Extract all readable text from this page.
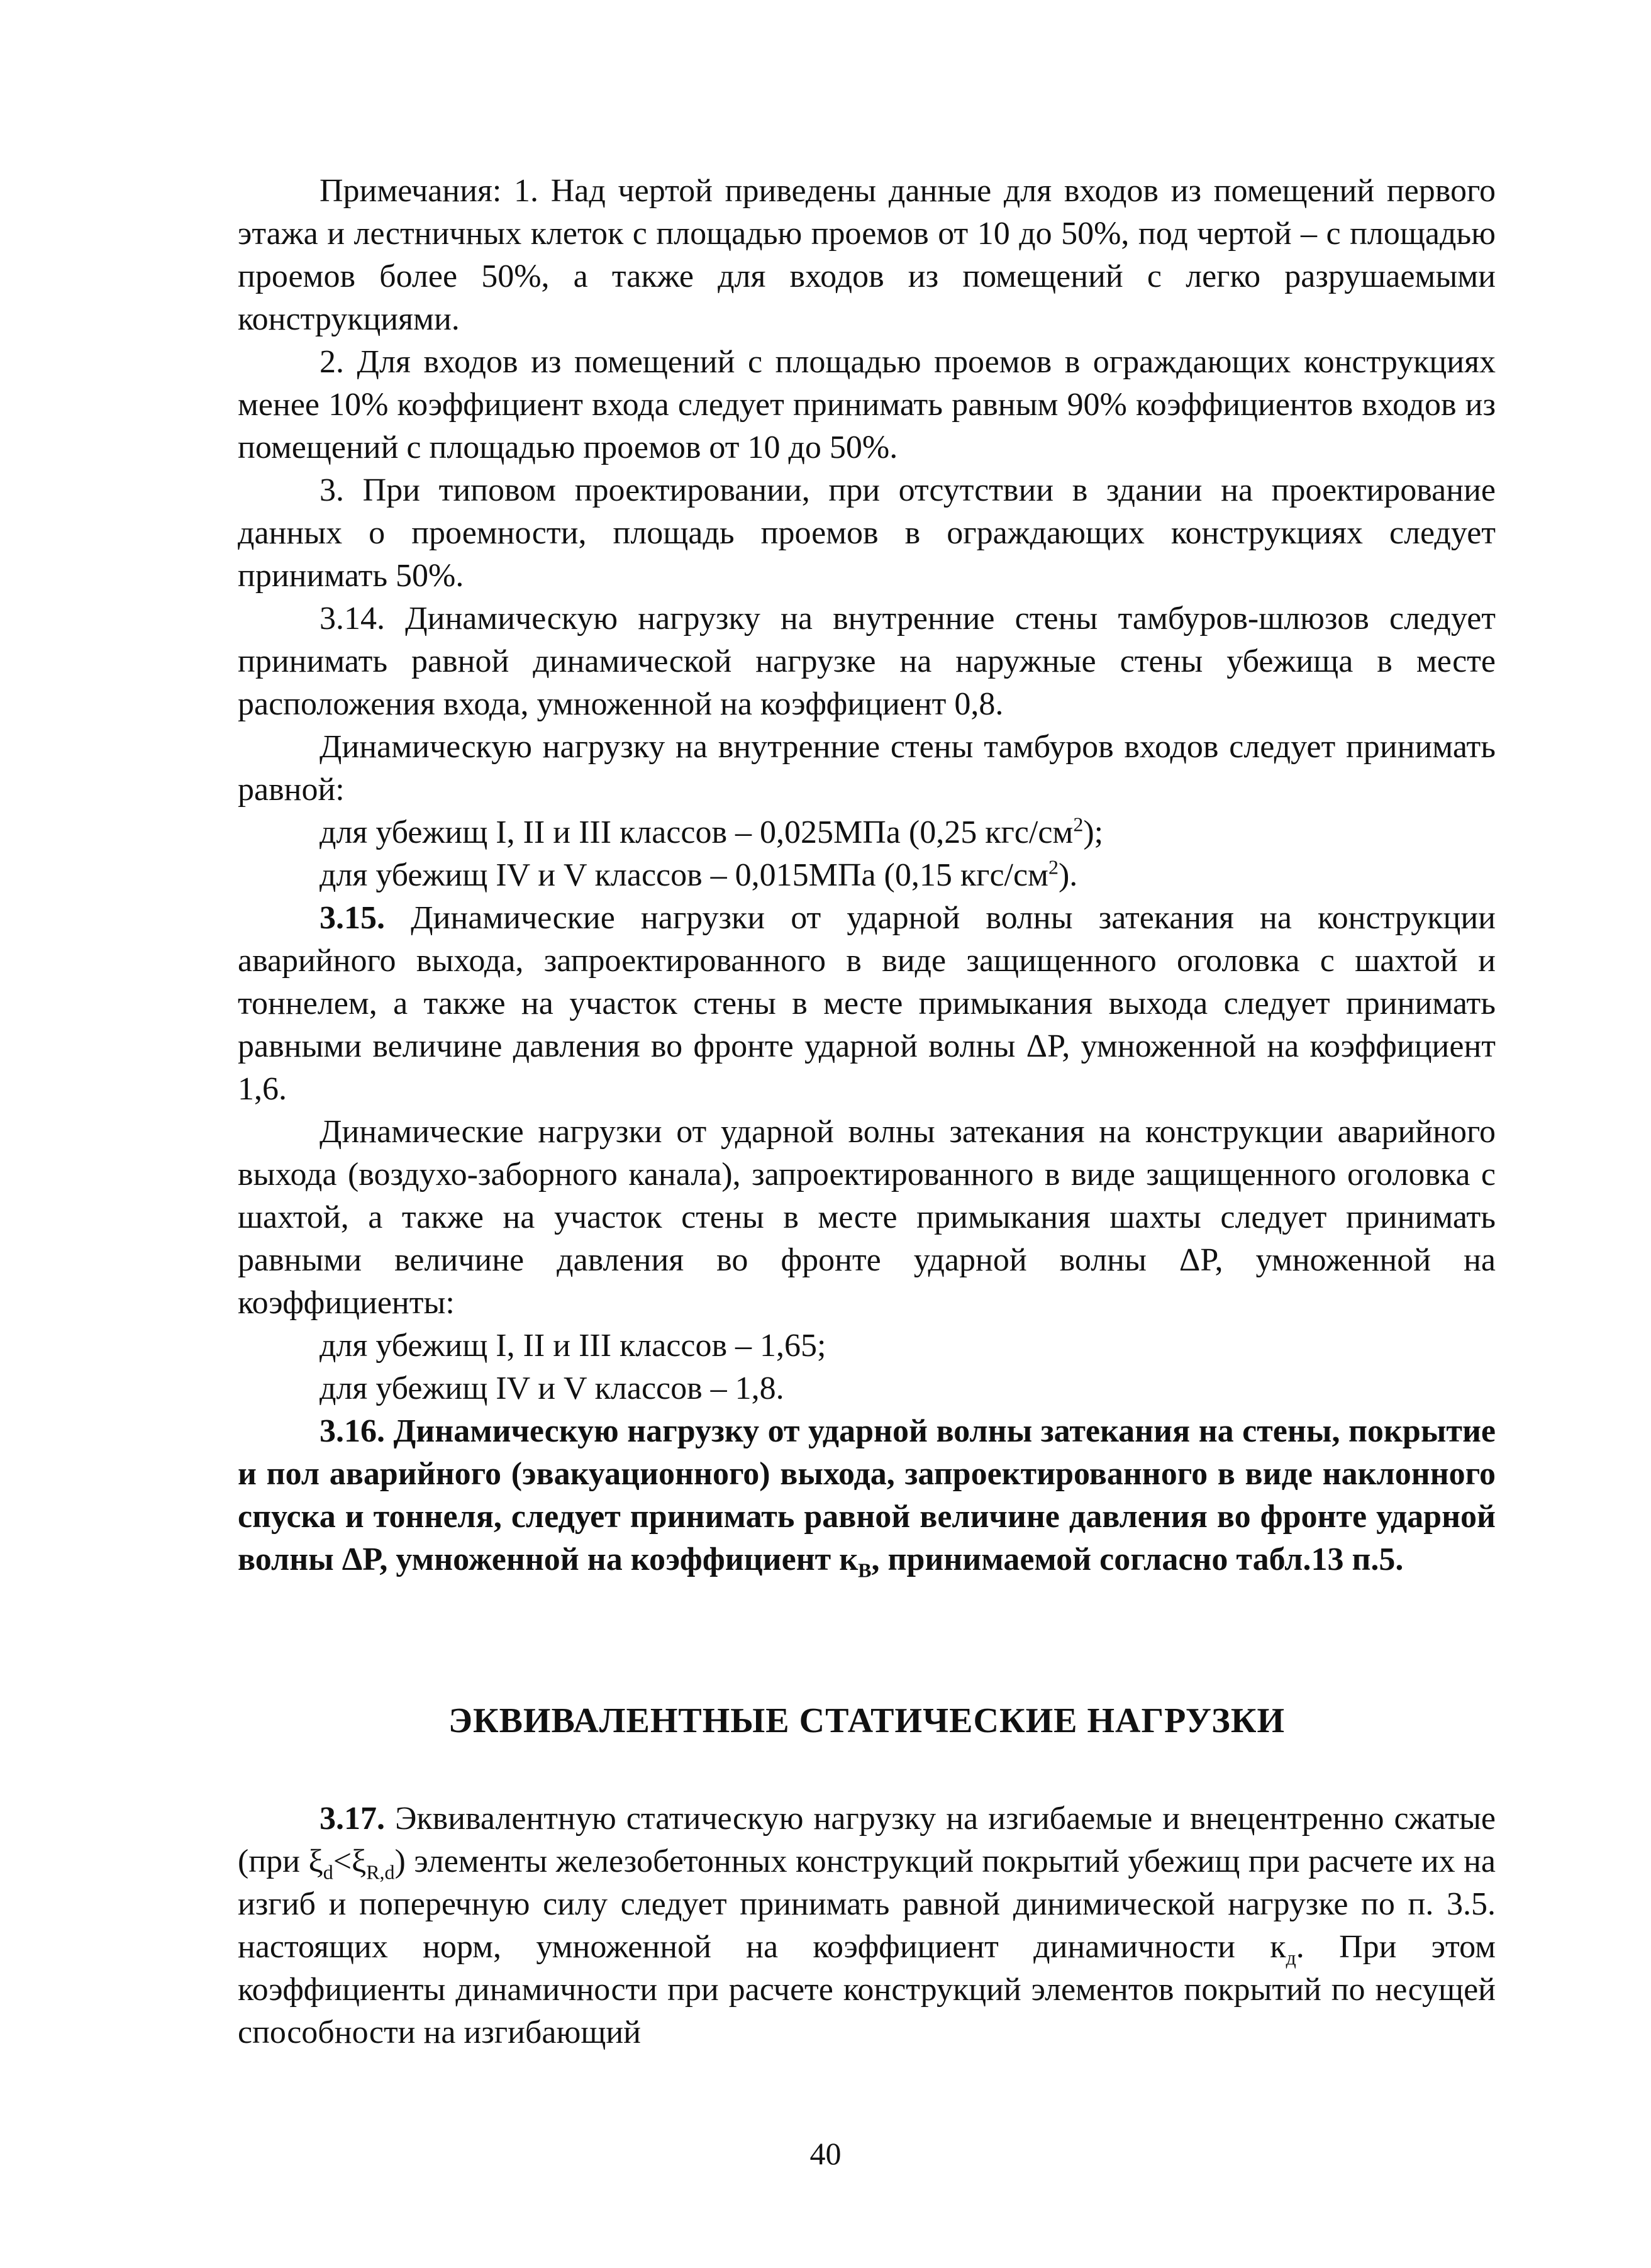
Примечания: 1. Над чертой приведены данные для входов из помещений первого этажа и лестничных клеток с площадью проемов от 10 до 50%, под чертой – с площадью проемов более 50%, а также для входов из помещений с легко разрушаемыми конструкциями.

2. Для входов из помещений с площадью проемов в ограждающих конструкциях менее 10% коэффициент входа следует принимать равным 90% коэффициентов входов из помещений с площадью проемов от 10 до 50%.

3. При типовом проектировании, при отсутствии в здании на проектирование данных о проемности, площадь проемов в ограждающих конструкциях следует принимать 50%.

3.14. Динамическую нагрузку на внутренние стены тамбуров-шлюзов следует принимать равной динамической нагрузке на наружные стены убежища в месте расположения входа, умноженной на коэффициент 0,8.

Динамическую нагрузку на внутренние стены тамбуров входов следует принимать равной:

для убежищ I, II и III классов – 0,025МПа (0,25 кгс/$см^2$);

для убежищ IV и V классов – 0,015МПа (0,15 кгс/$см^2$).

3.15. Динамические нагрузки от ударной волны затекания на конструкции аварийного выхода, запроектированного в виде защищенного оголовка с шахтой и тоннелем, а также на участок стены в месте примыкания выхода следует принимать равными величине давления во фронте ударной волны ΔP, умноженной на коэффициент 1,6.

Динамические нагрузки от ударной волны затекания на конструкции аварийного выхода (воздухо-заборного канала), запроектированного в виде защищенного оголовка с шахтой, а также на участок стены в месте примыкания шахты следует принимать равными величине давления во фронте ударной волны ΔP, умноженной на коэффициенты:

для убежищ I, II и III классов – 1,65;

для убежищ IV и V классов – 1,8.

3.16. Динамическую нагрузку от ударной волны затекания на стены, покрытие и пол аварийного (эвакуационного) выхода, запроектированного в виде наклонного спуска и тоннеля, следует принимать равной величине давления во фронте ударной волны ΔP, умноженной на коэффициент $к_В$, принимаемой согласно табл.13 п.5.

ЭКВИВАЛЕНТНЫЕ СТАТИЧЕСКИЕ НАГРУЗКИ

3.17. Эквивалентную статическую нагрузку на изгибаемые и внецентренно сжатые (при $\xi_d<\xi_{R,d}$) элементы железобетонных конструкций покрытий убежищ при расчете их на изгиб и поперечную силу следует принимать равной динимической нагрузке по п. 3.5. настоящих норм, умноженной на коэффициент динамичности $к_д$. При этом коэффициенты динамичности при расчете конструкций элементов покрытий по несущей способности на изгибающий

40
